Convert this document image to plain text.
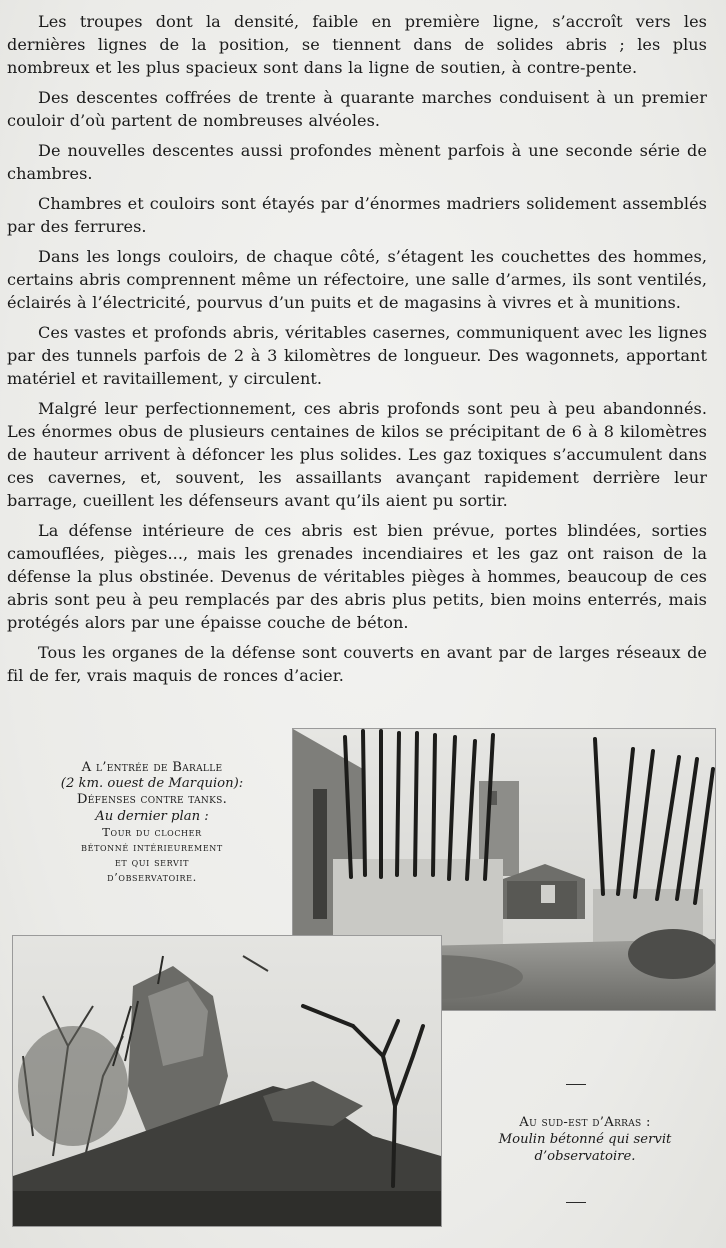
Les troupes dont la densité, faible en première ligne, s’accroît vers les dernières lignes de la position, se tiennent dans de solides abris ; les plus nombreux et les plus spacieux sont dans la ligne de soutien, à contre-pente.

Des descentes coffrées de trente à quarante marches conduisent à un premier couloir d’où partent de nombreuses alvéoles.

De nouvelles descentes aussi profondes mènent parfois à une seconde série de chambres.

Chambres et couloirs sont étayés par d’énormes madriers solidement assemblés par des ferrures.

Dans les longs couloirs, de chaque côté, s’étagent les couchettes des hommes, certains abris comprennent même un réfectoire, une salle d’armes, ils sont ventilés, éclairés à l’électricité, pourvus d’un puits et de magasins à vivres et à munitions.

Ces vastes et profonds abris, véritables casernes, communiquent avec les lignes par des tunnels parfois de 2 à 3 kilomètres de longueur. Des wagonnets, apportant matériel et ravitaillement, y circulent.

Malgré leur perfectionnement, ces abris profonds sont peu à peu abandonnés. Les énormes obus de plusieurs centaines de kilos se précipitant de 6 à 8 kilomètres de hauteur arrivent à défoncer les plus solides. Les gaz toxiques s’accumulent dans ces cavernes, et, souvent, les assaillants avançant rapidement derrière leur barrage, cueillent les défenseurs avant qu’ils aient pu sortir.

La défense intérieure de ces abris est bien prévue, portes blindées, sorties camouflées, pièges..., mais les grenades incendiaires et les gaz ont raison de la défense la plus obstinée. Devenus de véritables pièges à hommes, beaucoup de ces abris sont peu à peu remplacés par des abris plus petits, bien moins enterrés, mais protégés alors par une épaisse couche de béton.

Tous les organes de la défense sont couverts en avant par de larges réseaux de fil de fer, vrais maquis de ronces d’acier.

A l’entrée de Baralle
(2 km. ouest de Marquion):
Défenses contre tanks.
Au dernier plan :
Tour du clocher
bétonné intérieurement
et qui servit
d’observatoire.
Au sud-est d’Arras :
Moulin bétonné qui servit
d’observatoire.
